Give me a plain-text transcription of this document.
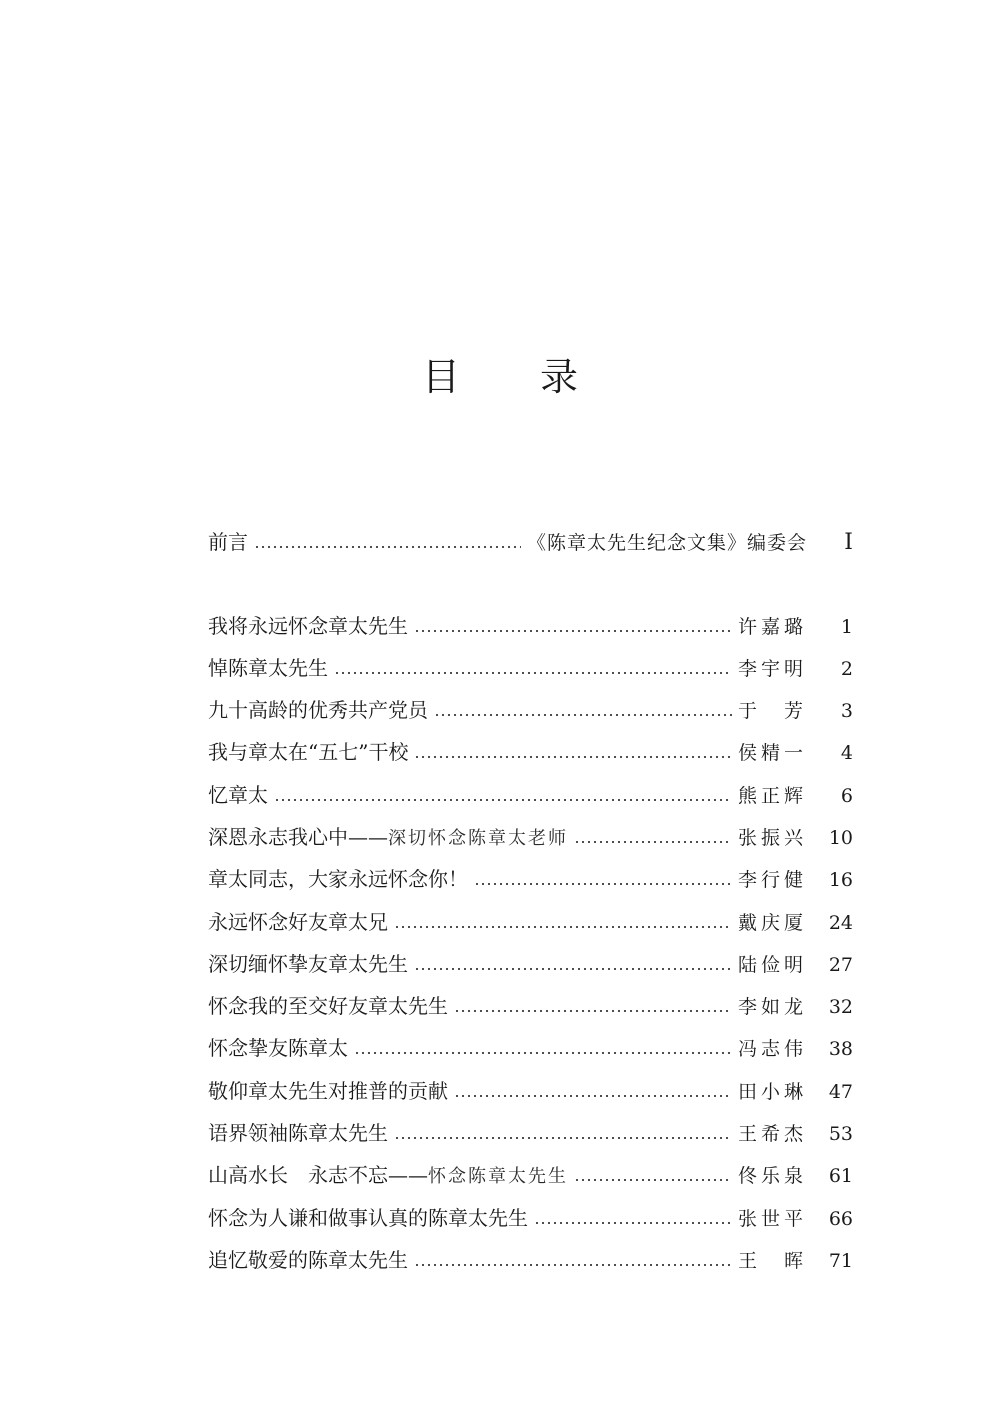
目录
前言	《陈章太先生纪念文集》编委会	I
我将永远怀念章太先生	许嘉璐	1
悼陈章太先生	李宇明	2
九十高龄的优秀共产党员	于　芳	3
我与章太在“五七”干校	侯精一	4
忆章太	熊正辉	6
深恩永志我心中——深切怀念陈章太老师	张振兴	10
章太同志，大家永远怀念你！	李行健	16
永远怀念好友章太兄	戴庆厦	24
深切缅怀挚友章太先生	陆俭明	27
怀念我的至交好友章太先生	李如龙	32
怀念挚友陈章太	冯志伟	38
敬仰章太先生对推普的贡献	田小琳	47
语界领袖陈章太先生	王希杰	53
山高水长　永志不忘——怀念陈章太先生	佟乐泉	61
怀念为人谦和做事认真的陈章太先生	张世平	66
追忆敬爱的陈章太先生	王　晖	71
